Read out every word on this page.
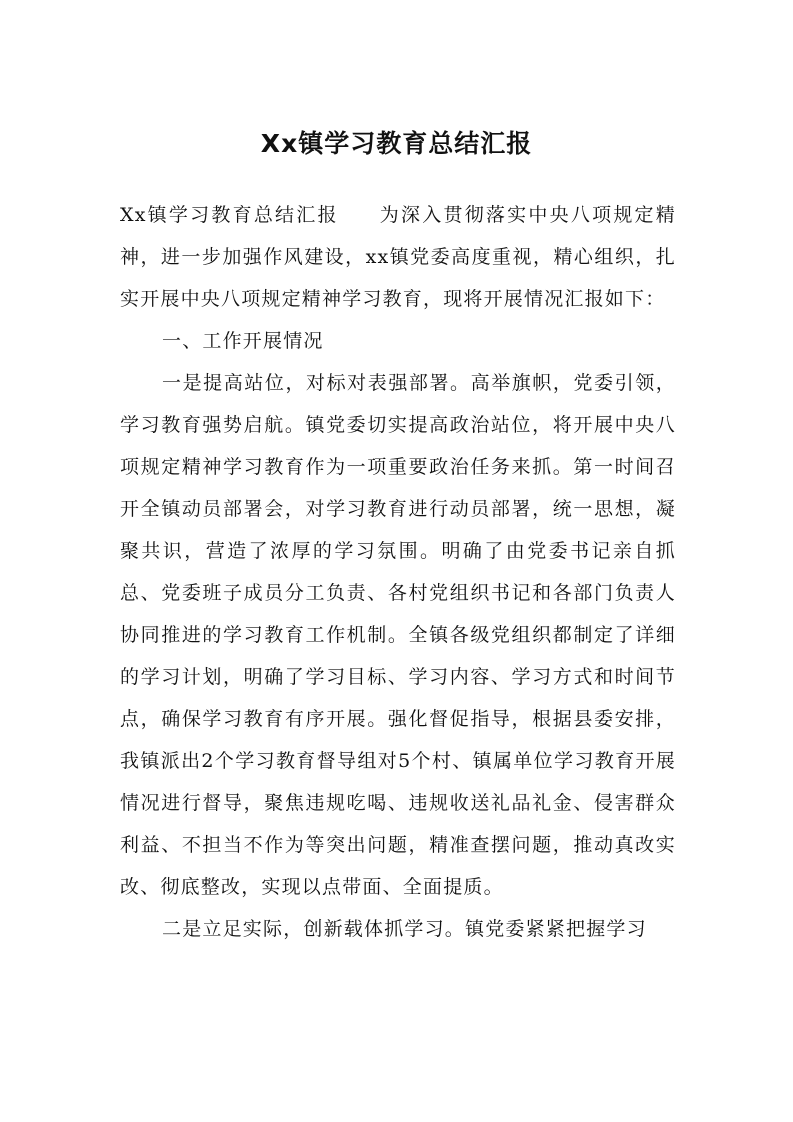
Xx镇学习教育总结汇报

Xx镇学习教育总结汇报 为深入贯彻落实中央八项规定精神，进一步加强作风建设，xx镇党委高度重视，精心组织，扎实开展中央八项规定精神学习教育，现将开展情况汇报如下：

一、工作开展情况

一是提高站位，对标对表强部署。高举旗帜，党委引领，学习教育强势启航。镇党委切实提高政治站位，将开展中央八项规定精神学习教育作为一项重要政治任务来抓。第一时间召开全镇动员部署会，对学习教育进行动员部署，统一思想，凝聚共识，营造了浓厚的学习氛围。明确了由党委书记亲自抓总、党委班子成员分工负责、各村党组织书记和各部门负责人协同推进的学习教育工作机制。全镇各级党组织都制定了详细的学习计划，明确了学习目标、学习内容、学习方式和时间节点，确保学习教育有序开展。强化督促指导，根据县委安排，我镇派出2个学习教育督导组对5个村、镇属单位学习教育开展情况进行督导，聚焦违规吃喝、违规收送礼品礼金、侵害群众利益、不担当不作为等突出问题，精准查摆问题，推动真改实改、彻底整改，实现以点带面、全面提质。

二是立足实际，创新载体抓学习。镇党委紧紧把握学习
